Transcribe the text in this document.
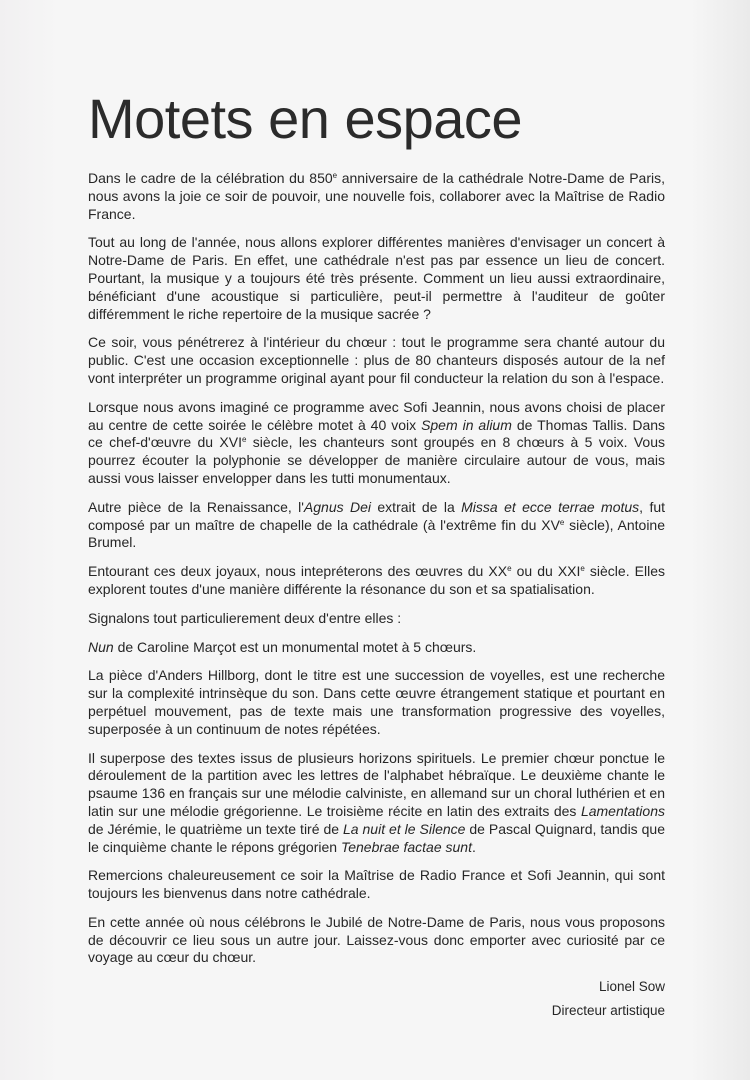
Motets en espace

Dans le cadre de la célébration du 850e anniversaire de la cathédrale Notre-Dame de Paris, nous avons la joie ce soir de pouvoir, une nouvelle fois, collaborer avec la Maîtrise de Radio France.

Tout au long de l'année, nous allons explorer différentes manières d'envisager un concert à Notre-Dame de Paris. En effet, une cathédrale n'est pas par essence un lieu de concert. Pourtant, la musique y a toujours été très présente. Comment un lieu aussi extraordinaire, bénéficiant d'une acoustique si particulière, peut-il permettre à l'auditeur de goûter différemment le riche repertoire de la musique sacrée ?

Ce soir, vous pénétrerez à l'intérieur du chœur : tout le programme sera chanté autour du public. C'est une occasion exceptionnelle : plus de 80 chanteurs disposés autour de la nef vont interpréter un programme original ayant pour fil conducteur la relation du son à l'espace.

Lorsque nous avons imaginé ce programme avec Sofi Jeannin, nous avons choisi de placer au centre de cette soirée le célèbre motet à 40 voix Spem in alium de Thomas Tallis. Dans ce chef-d'œuvre du XVIe siècle, les chanteurs sont groupés en 8 chœurs à 5 voix. Vous pourrez écouter la polyphonie se développer de manière circulaire autour de vous, mais aussi vous laisser envelopper dans les tutti monumentaux.

Autre pièce de la Renaissance, l'Agnus Dei extrait de la Missa et ecce terrae motus, fut composé par un maître de chapelle de la cathédrale (à l'extrême fin du XVe siècle), Antoine Brumel.

Entourant ces deux joyaux, nous intepréterons des œuvres du XXe ou du XXIe siècle. Elles explorent toutes d'une manière différente la résonance du son et sa spatialisation.

Signalons tout particulierement deux d'entre elles :

Nun de Caroline Marçot est un monumental motet à 5 chœurs.

La pièce d'Anders Hillborg, dont le titre est une succession de voyelles, est une recherche sur la complexité intrinsèque du son. Dans cette œuvre étrangement statique et pourtant en perpétuel mouvement, pas de texte mais une transformation progressive des voyelles, superposée à un continuum de notes répétées.

Il superpose des textes issus de plusieurs horizons spirituels. Le premier chœur ponctue le déroulement de la partition avec les lettres de l'alphabet hébraïque. Le deuxième chante le psaume 136 en français sur une mélodie calviniste, en allemand sur un choral luthérien et en latin sur une mélodie grégorienne. Le troisième récite en latin des extraits des Lamentations de Jérémie, le quatrième un texte tiré de La nuit et le Silence de Pascal Quignard, tandis que le cinquième chante le répons grégorien Tenebrae factae sunt.

Remercions chaleureusement ce soir la Maîtrise de Radio France et Sofi Jeannin, qui sont toujours les bienvenus dans notre cathédrale.

En cette année où nous célébrons le Jubilé de Notre-Dame de Paris, nous vous proposons de découvrir ce lieu sous un autre jour. Laissez-vous donc emporter avec curiosité par ce voyage au cœur du chœur.

Lionel Sow

Directeur artistique
